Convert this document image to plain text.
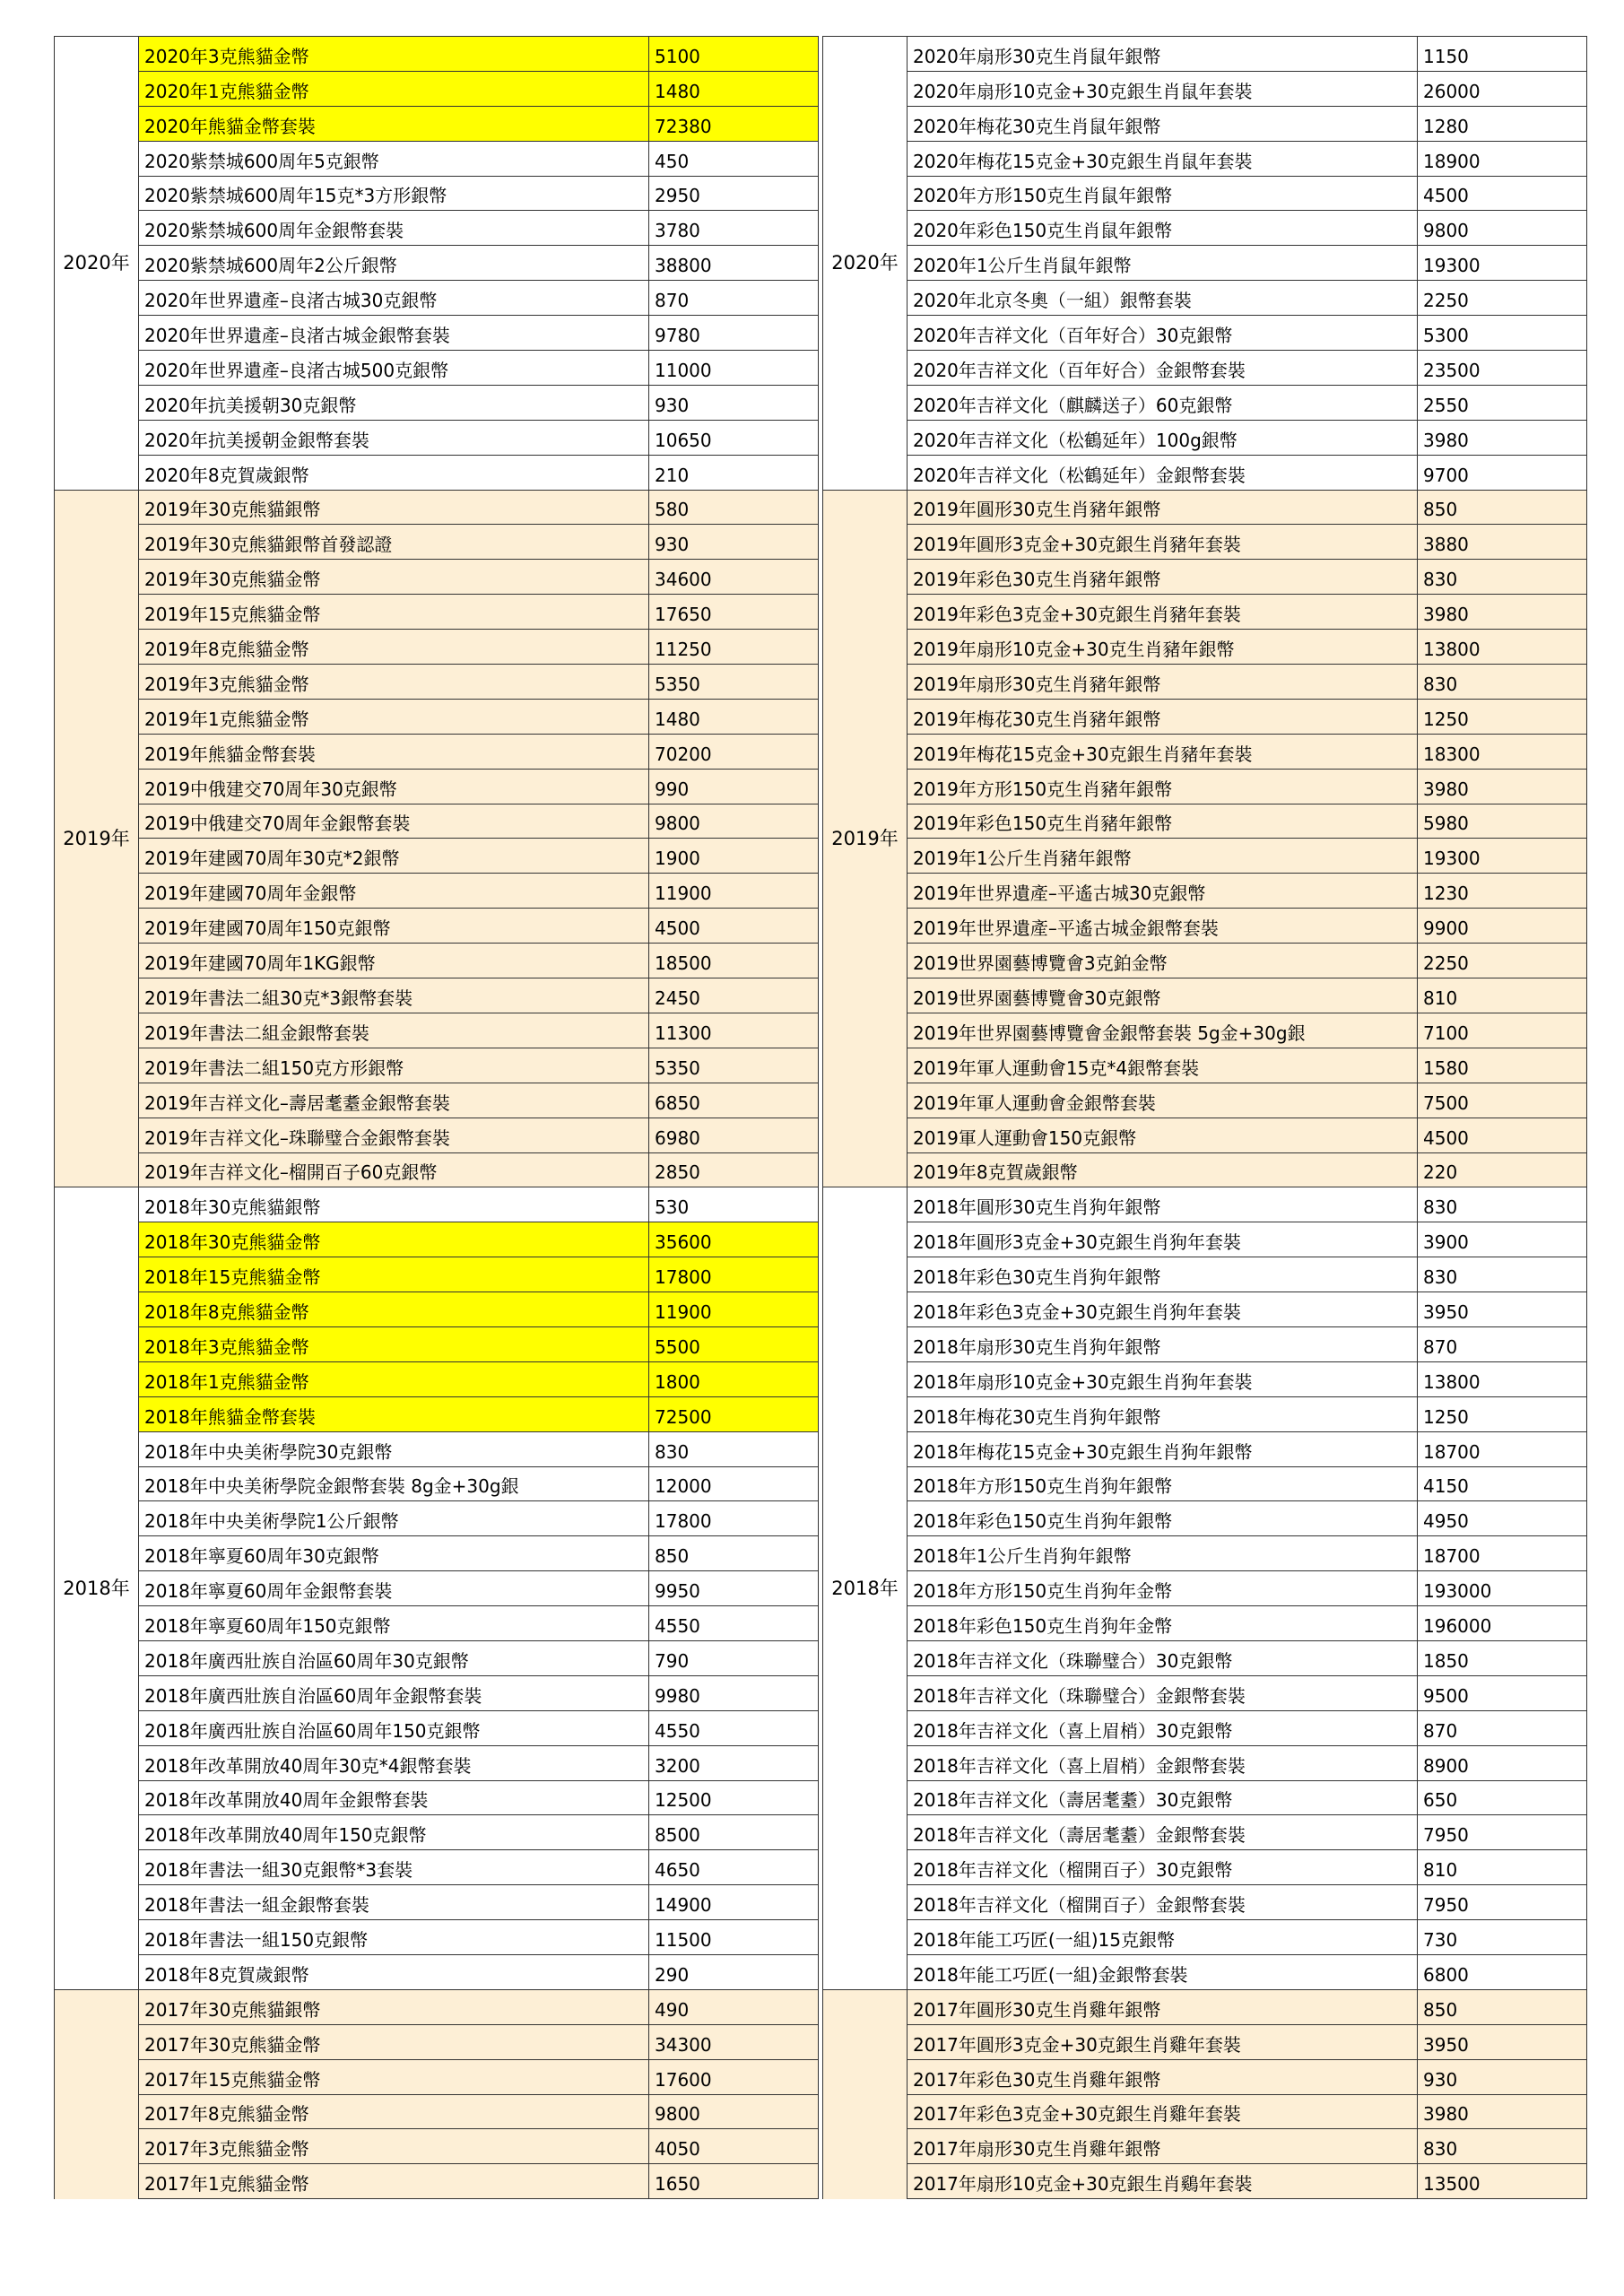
2020年	2020年3克熊貓金幣	5100
	2020年1克熊貓金幣	1480
	2020年熊貓金幣套裝	72380
	2020紫禁城600周年5克銀幣	450
	2020紫禁城600周年15克*3方形銀幣	2950
	2020紫禁城600周年金銀幣套裝	3780
	2020紫禁城600周年2公斤銀幣	38800
	2020年世界遺產–良渚古城30克銀幣	870
	2020年世界遺產–良渚古城金銀幣套裝	9780
	2020年世界遺產–良渚古城500克銀幣	11000
	2020年抗美援朝30克銀幣	930
	2020年抗美援朝金銀幣套裝	10650
	2020年8克賀歲銀幣	210
2019年	2019年30克熊貓銀幣	580
	2019年30克熊貓銀幣首發認證	930
	2019年30克熊貓金幣	34600
	2019年15克熊貓金幣	17650
	2019年8克熊貓金幣	11250
	2019年3克熊貓金幣	5350
	2019年1克熊貓金幣	1480
	2019年熊貓金幣套裝	70200
	2019中俄建交70周年30克銀幣	990
	2019中俄建交70周年金銀幣套裝	9800
	2019年建國70周年30克*2銀幣	1900
	2019年建國70周年金銀幣	11900
	2019年建國70周年150克銀幣	4500
	2019年建國70周年1KG銀幣	18500
	2019年書法二組30克*3銀幣套裝	2450
	2019年書法二組金銀幣套裝	11300
	2019年書法二組150克方形銀幣	5350
	2019年吉祥文化–壽居耄耋金銀幣套裝	6850
	2019年吉祥文化–珠聯璧合金銀幣套裝	6980
	2019年吉祥文化–榴開百子60克銀幣	2850
2018年	2018年30克熊貓銀幣	530
	2018年30克熊貓金幣	35600
	2018年15克熊貓金幣	17800
	2018年8克熊貓金幣	11900
	2018年3克熊貓金幣	5500
	2018年1克熊貓金幣	1800
	2018年熊貓金幣套裝	72500
	2018年中央美術學院30克銀幣	830
	2018年中央美術學院金銀幣套裝 8g金+30g銀	12000
	2018年中央美術學院1公斤銀幣	17800
	2018年寧夏60周年30克銀幣	850
	2018年寧夏60周年金銀幣套裝	9950
	2018年寧夏60周年150克銀幣	4550
	2018年廣西壯族自治區60周年30克銀幣	790
	2018年廣西壯族自治區60周年金銀幣套裝	9980
	2018年廣西壯族自治區60周年150克銀幣	4550
	2018年改革開放40周年30克*4銀幣套裝	3200
	2018年改革開放40周年金銀幣套裝	12500
	2018年改革開放40周年150克銀幣	8500
	2018年書法一組30克銀幣*3套裝	4650
	2018年書法一組金銀幣套裝	14900
	2018年書法一組150克銀幣	11500
	2018年8克賀歲銀幣	290
	2017年30克熊貓銀幣	490
	2017年30克熊貓金幣	34300
	2017年15克熊貓金幣	17600
	2017年8克熊貓金幣	9800
	2017年3克熊貓金幣	4050
	2017年1克熊貓金幣	1650
2020年	2020年扇形30克生肖鼠年銀幣	1150
	2020年扇形10克金+30克銀生肖鼠年套裝	26000
	2020年梅花30克生肖鼠年銀幣	1280
	2020年梅花15克金+30克銀生肖鼠年套裝	18900
	2020年方形150克生肖鼠年銀幣	4500
	2020年彩色150克生肖鼠年銀幣	9800
	2020年1公斤生肖鼠年銀幣	19300
	2020年北京冬奧（一組）銀幣套裝	2250
	2020年吉祥文化（百年好合）30克銀幣	5300
	2020年吉祥文化（百年好合）金銀幣套裝	23500
	2020年吉祥文化（麒麟送子）60克銀幣	2550
	2020年吉祥文化（松鶴延年）100g銀幣	3980
	2020年吉祥文化（松鶴延年）金銀幣套裝	9700
2019年	2019年圓形30克生肖豬年銀幣	850
	2019年圓形3克金+30克銀生肖豬年套裝	3880
	2019年彩色30克生肖豬年銀幣	830
	2019年彩色3克金+30克銀生肖豬年套裝	3980
	2019年扇形10克金+30克生肖豬年銀幣	13800
	2019年扇形30克生肖豬年銀幣	830
	2019年梅花30克生肖豬年銀幣	1250
	2019年梅花15克金+30克銀生肖豬年套裝	18300
	2019年方形150克生肖豬年銀幣	3980
	2019年彩色150克生肖豬年銀幣	5980
	2019年1公斤生肖豬年銀幣	19300
	2019年世界遺產–平遙古城30克銀幣	1230
	2019年世界遺產–平遙古城金銀幣套裝	9900
	2019世界園藝博覽會3克鉑金幣	2250
	2019世界園藝博覽會30克銀幣	810
	2019年世界園藝博覽會金銀幣套裝 5g金+30g銀	7100
	2019年軍人運動會15克*4銀幣套裝	1580
	2019年軍人運動會金銀幣套裝	7500
	2019軍人運動會150克銀幣	4500
	2019年8克賀歲銀幣	220
2018年	2018年圓形30克生肖狗年銀幣	830
	2018年圓形3克金+30克銀生肖狗年套裝	3900
	2018年彩色30克生肖狗年銀幣	830
	2018年彩色3克金+30克銀生肖狗年套裝	3950
	2018年扇形30克生肖狗年銀幣	870
	2018年扇形10克金+30克銀生肖狗年套裝	13800
	2018年梅花30克生肖狗年銀幣	1250
	2018年梅花15克金+30克銀生肖狗年銀幣	18700
	2018年方形150克生肖狗年銀幣	4150
	2018年彩色150克生肖狗年銀幣	4950
	2018年1公斤生肖狗年銀幣	18700
	2018年方形150克生肖狗年金幣	193000
	2018年彩色150克生肖狗年金幣	196000
	2018年吉祥文化（珠聯璧合）30克銀幣	1850
	2018年吉祥文化（珠聯璧合）金銀幣套裝	9500
	2018年吉祥文化（喜上眉梢）30克銀幣	870
	2018年吉祥文化（喜上眉梢）金銀幣套裝	8900
	2018年吉祥文化（壽居耄耋）30克銀幣	650
	2018年吉祥文化（壽居耄耋）金銀幣套裝	7950
	2018年吉祥文化（榴開百子）30克銀幣	810
	2018年吉祥文化（榴開百子）金銀幣套裝	7950
	2018年能工巧匠(一組)15克銀幣	730
	2018年能工巧匠(一組)金銀幣套裝	6800
	2017年圓形30克生肖雞年銀幣	850
	2017年圓形3克金+30克銀生肖雞年套裝	3950
	2017年彩色30克生肖雞年銀幣	930
	2017年彩色3克金+30克銀生肖雞年套裝	3980
	2017年扇形30克生肖雞年銀幣	830
	2017年扇形10克金+30克銀生肖鷄年套裝	13500
